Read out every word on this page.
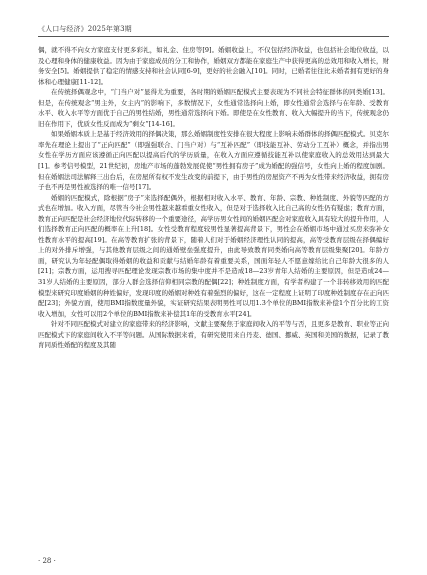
《人口与经济》2025年第3期

偶，就不得不向女方家庭支付更多彩礼，如礼金、住房等[9]。婚姻收益上，不仅包括经济收益，也包括社会地位收益，以及心理和身体的健康收益。因为由于家庭成员的分工和协作，婚姻双方都能在家庭生产中获得更高的总效用和收入增长，财务安全[5]。婚姻提供了稳定的情感支持和社会认同[6-9]，更好的社会融入[10]。同时，已婚者往往比未婚者拥有更好的身体和心理健康[11-12]。

在传统择偶观念中，“门当户对”显得尤为重要，各时期的婚姻匹配模式主要表现为不同社会特征群体的同类婚[13]。但是，在传统观念“男主外，女主内”的影响下，多数情况下，女性通常选择向上婚，即女性通常会选择与在年龄、受教育水平、收入水平等方面优于自己的男性结婚，男性通常选择向下婚。即使是在女性教育、收入大幅提升的当下，传统观念仍旧在作用下，优质女性反而成为“剩女”[14-16]。

如果婚姻本质上是基于经济效用的择偶决策，那么婚姻制度性安排在很大程度上影响未婚群体的择偶匹配模式。贝克尔率先在理论上提出了“正向匹配”（即强强联合、门当户对）与“互补匹配”（即技能互补、劳动分工互补）概念，并指出男女性在学历方面应该遵循正向匹配以提高后代的学历质量，在收入方面应遵循技能互补以使家庭收入的总效用达到最大[1]。参考信号模型，21世纪初，房地产市场的蓬勃发展促使“男性拥有房子”成为婚配的强信号，女性向上婚的程度加剧。但在婚姻法司法解释三出台后，在房屋所有权不发生改变的前提下，由于男性的房屋资产不再为女性带来经济收益，拥有房子也不再是男性被选择的唯一信号[17]。

婚姻的匹配模式，除根据“房子”来选择配偶外，根据相对收入水平、教育、年龄、宗教、种姓制度、外貌等匹配的方式也在增加。收入方面，尽管当今社会男性越来越看重女性收入，但是对于选择收入比自己高的女性仍有疑虑；教育方面，教育正向匹配是社会经济地位代际转移的一个重要途径，高学历男女性间的婚姻匹配会对家庭收入具有较大的提升作用，人们选择教育正向匹配的概率在上升[18]。女性受教育程度较男性显著提高背景下，男性会在婚姻市场中通过买房来弥补女性教育水平的提高[19]。在高等教育扩张的背景下，随着人们对于婚姻经济理性认同的提高，高等受教育层级在择偶编好上的对外排斥增强，与其他教育层级之间的通婚壁垒强度提升，由此导致教育同类婚向高等教育层级集聚[20]。年龄方面，研究认为年轻配偶取得婚姻的收益和贡献与结婚年龄有着重要关系，国面年轻人不愿意嫁给比自己年龄大很多的人[21]；宗教方面，运用搜寻匹配理论发现宗教市场的集中度并不是造成18—23岁青年人结婚的主要原因，但是造成24—31岁人结婚的主要原因，部分人群会选择信仰相同宗教的配偶[22]；种姓制度方面，有学者构建了一个非转移效用的匹配模型来研究印度婚姻的种姓偏好，发现印度的婚姻对种姓有着强烈的偏好，这在一定程度上证明了印度种姓制度存在正向匹配[23]；外貌方面，使用BMI指数度量外貌，实证研究结果表明男性可以用1.3个单位的BMI指数来补偿1个百分比的工资收入增加，女性可以用2个单位的BMI指数来补偿其1年的受教育水平[24]。

针对不同匹配模式对建立的家庭带来的经济影响，文献主要聚焦于家庭间收入的平等与否，且更多是教育、职业等正向匹配模式下的家庭间收入不平等问题。从国际数据来看，有研究使用来自丹麦、德国、挪威、英国和美国的数据，记录了教育同质性婚配的程度及其随

· 28 ·
